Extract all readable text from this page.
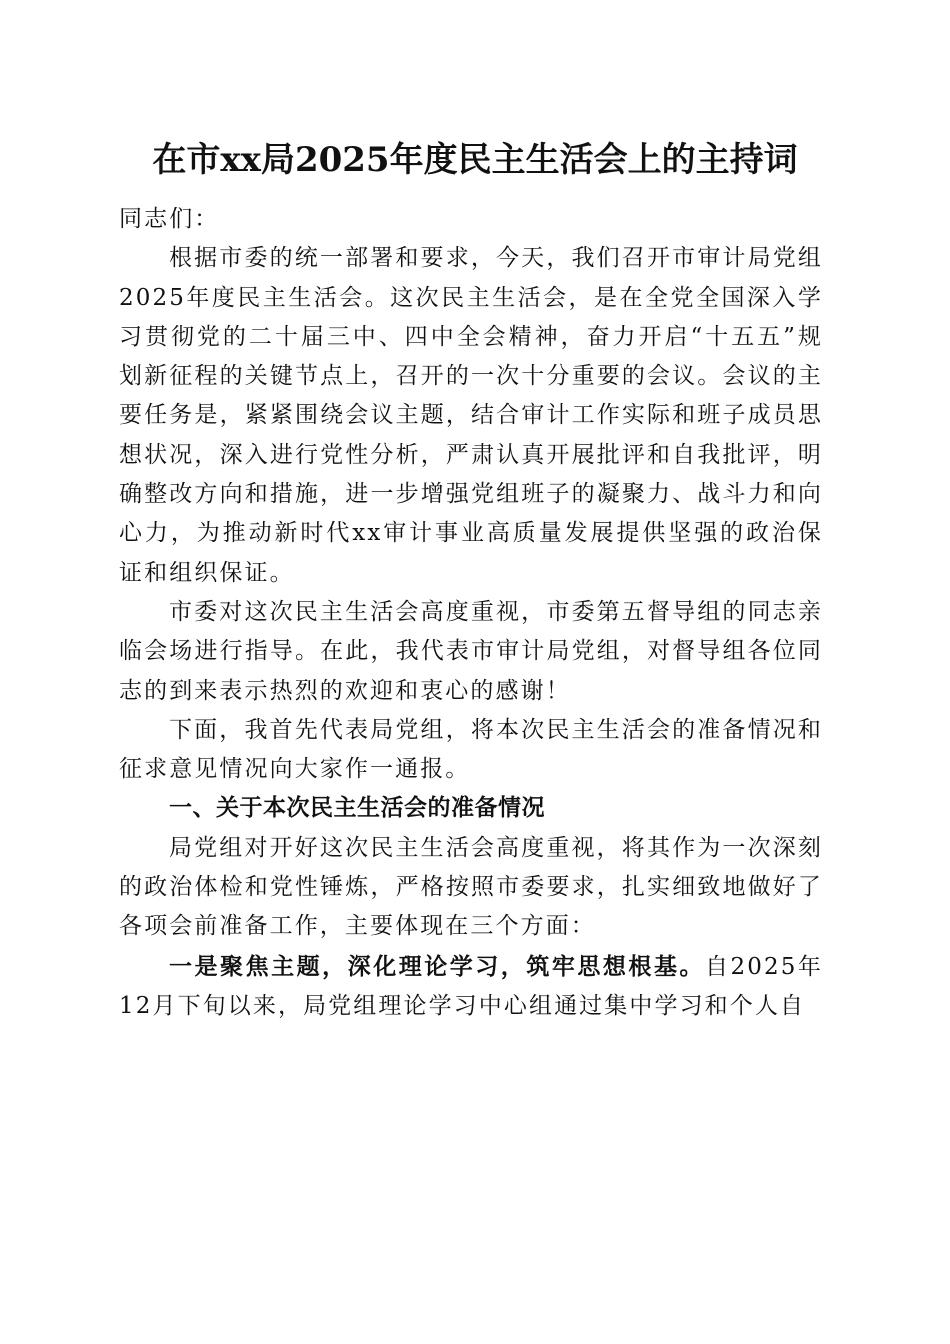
在市xx局2025年度民主生活会上的主持词

同志们：

根据市委的统一部署和要求，今天，我们召开市审计局党组2025年度民主生活会。这次民主生活会，是在全党全国深入学习贯彻党的二十届三中、四中全会精神，奋力开启“十五五”规划新征程的关键节点上，召开的一次十分重要的会议。会议的主要任务是，紧紧围绕会议主题，结合审计工作实际和班子成员思想状况，深入进行党性分析，严肃认真开展批评和自我批评，明确整改方向和措施，进一步增强党组班子的凝聚力、战斗力和向心力，为推动新时代xx审计事业高质量发展提供坚强的政治保证和组织保证。

市委对这次民主生活会高度重视，市委第五督导组的同志亲临会场进行指导。在此，我代表市审计局党组，对督导组各位同志的到来表示热烈的欢迎和衷心的感谢！

下面，我首先代表局党组，将本次民主生活会的准备情况和征求意见情况向大家作一通报。

一、关于本次民主生活会的准备情况

局党组对开好这次民主生活会高度重视，将其作为一次深刻的政治体检和党性锤炼，严格按照市委要求，扎实细致地做好了各项会前准备工作，主要体现在三个方面：

一是聚焦主题，深化理论学习，筑牢思想根基。自2025年12月下旬以来，局党组理论学习中心组通过集中学习和个人自
